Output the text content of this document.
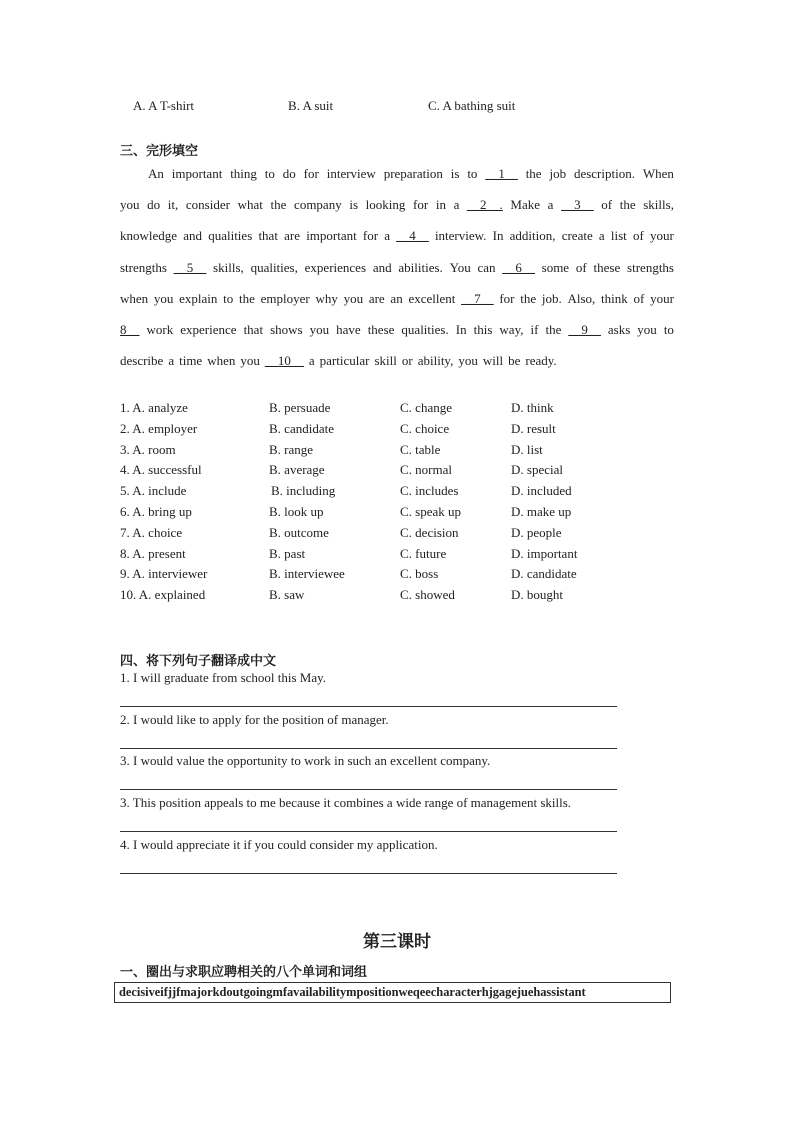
A. A T-shirt	B. A suit	C. A bathing suit
三、完形填空
An important thing to do for interview preparation is to __1__ the job description. When
you do it, consider what the company is looking for in a __2__. Make a __3__ of the skills,
knowledge and qualities that are important for a __4__ interview. In addition, create a list of your
strengths __5__ skills, qualities, experiences and abilities. You can __6__ some of these strengths
when you explain to the employer why you are an excellent __7__ for the job. Also, think of your
8__ work experience that shows you have these qualities. In this way, if the __9__ asks you to
describe a time when you __10__ a particular skill or ability, you will be ready.
1. A. analyze	B. persuade	C. change	D. think
2. A. employer	B. candidate	C. choice	D. result
3. A. room	B. range	C. table	D. list
4. A. successful	B. average	C. normal	D. special
5. A. include	B. including	C. includes	D. included
6. A. bring up	B. look up	C. speak up	D. make up
7. A. choice	B. outcome	C. decision	D. people
8. A. present	B. past	C. future	D. important
9. A. interviewer	B. interviewee	C. boss	D. candidate
10. A. explained	B. saw	C. showed	D. bought
四、将下列句子翻译成中文
1. I will graduate from school this May.
2. I would like to apply for the position of manager.
3. I would value the opportunity to work in such an excellent company.
3. This position appeals to me because it combines a wide range of management skills.
4. I would appreciate it if you could consider my application.
第三课时
一、圈出与求职应聘相关的八个单词和词组
decisiveifjjfmajorkdoutgoingmfavailabilitympositionweqeecharacterhjgagejuehassistant
